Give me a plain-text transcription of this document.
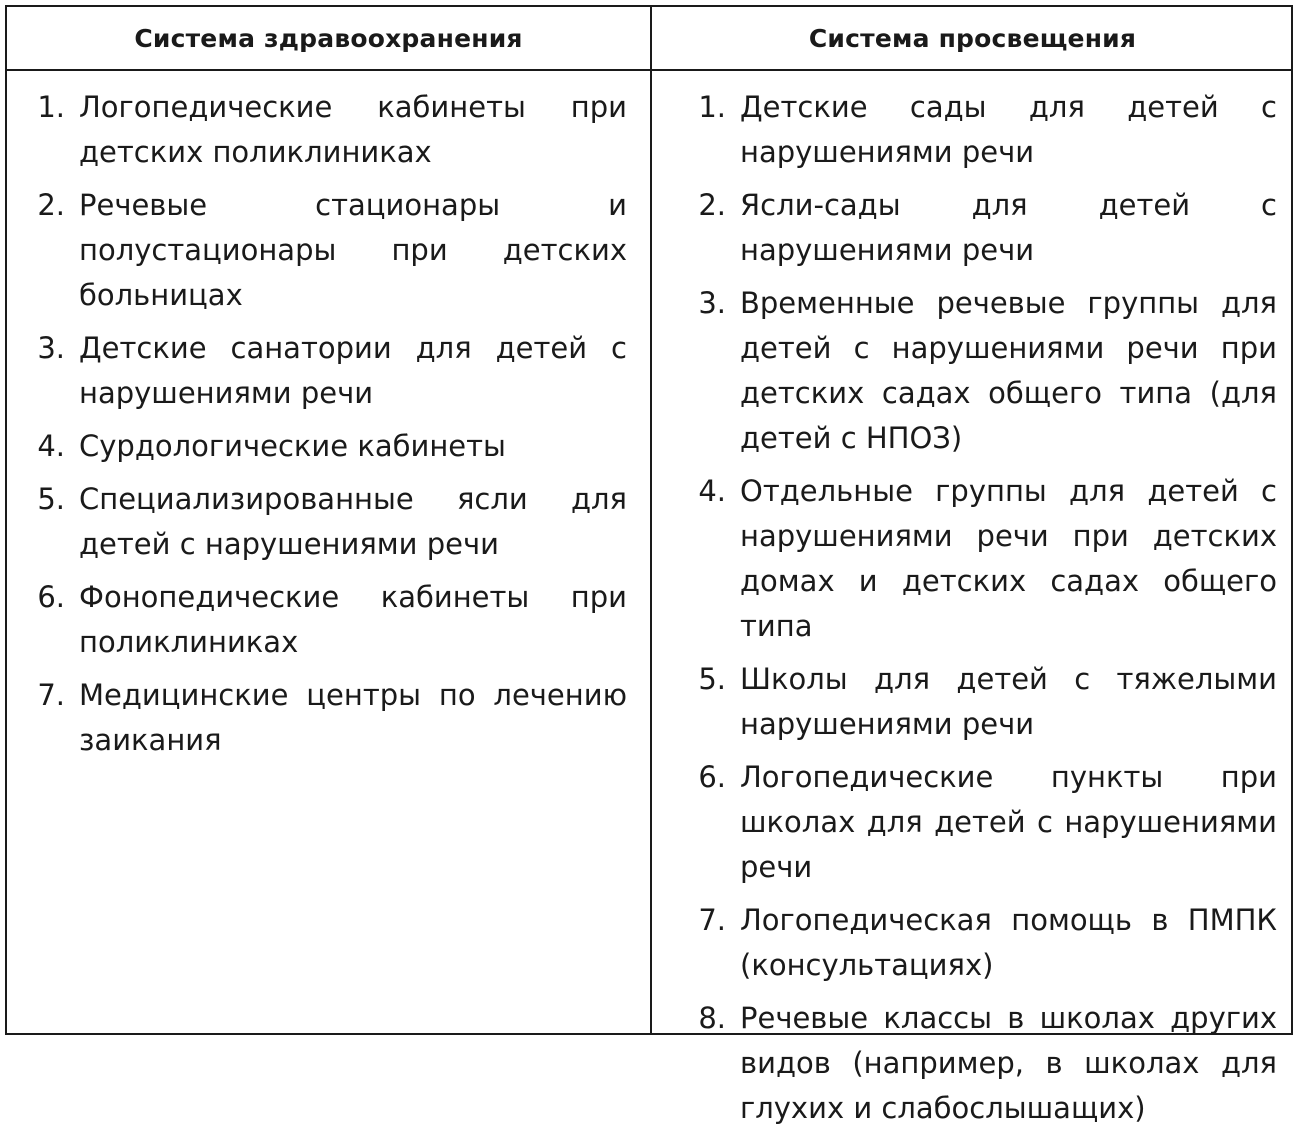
Система здравоохранения	Система просвещения
1. Логопедические кабинеты при детских поликлиниках
2. Речевые стационары и полустационары при детских больницах
3. Детские санатории для детей с нарушениями речи
4. Сурдологические кабинеты
5. Специализированные ясли для детей с нарушениями речи
6. Фонопедические кабинеты при поликлиниках
7. Медицинские центры по лечению заикания
1. Детские сады для детей с нарушениями речи
2. Ясли-сады для детей с нарушениями речи
3. Временные речевые группы для детей с нарушениями речи при детских садах общего типа (для детей с НПОЗ)
4. Отдельные группы для детей с нарушениями речи при детских домах и детских садах общего типа
5. Школы для детей с тяжелыми нарушениями речи
6. Логопедические пункты при школах для детей с нарушениями речи
7. Логопедическая помощь в ПМПК (консультациях)
8. Речевые классы в школах других видов (например, в школах для глухих и слабослышащих)
